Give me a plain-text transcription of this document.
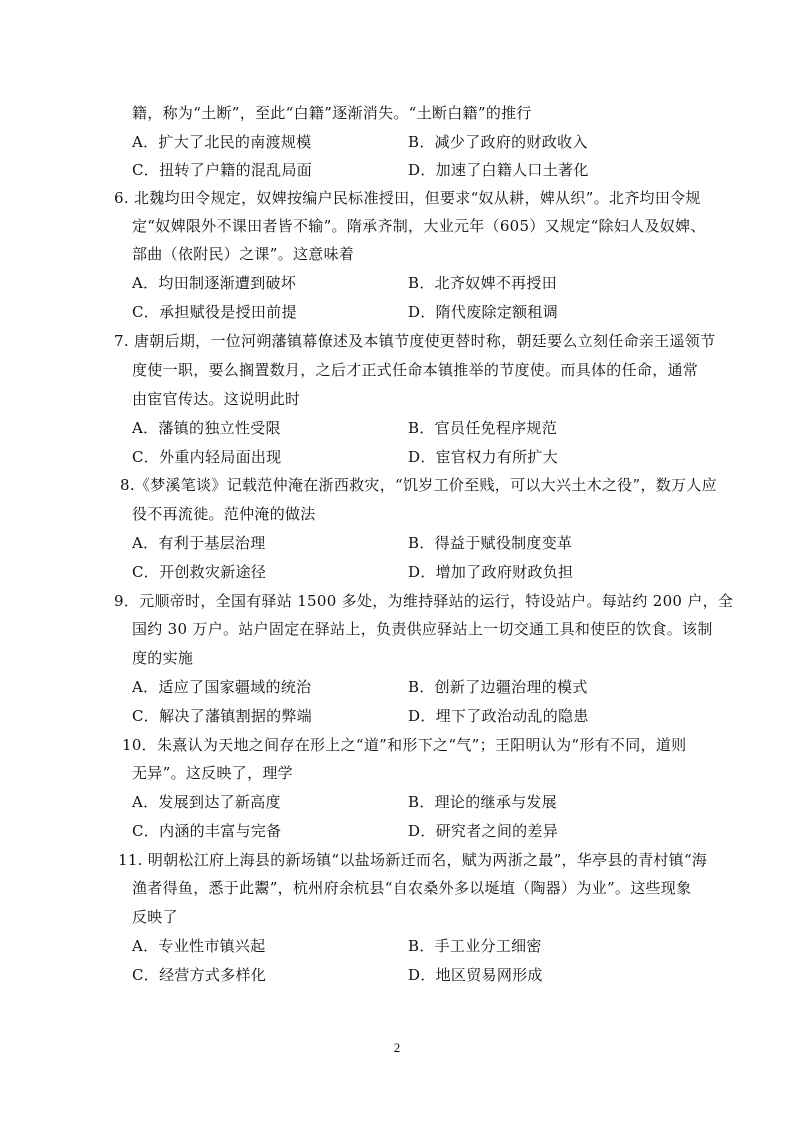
籍，称为“土断”，至此“白籍”逐渐消失。“土断白籍”的推行
A．扩大了北民的南渡规模	B．减少了政府的财政收入
C．扭转了户籍的混乱局面	D．加速了白籍人口土著化
6. 北魏均田令规定，奴婢按编户民标准授田，但要求“奴从耕，婢从织”。北齐均田令规
定“奴婢限外不课田者皆不输”。隋承齐制，大业元年（605）又规定“除妇人及奴婢、
部曲（依附民）之课”。这意味着
A．均田制逐渐遭到破坏	B．北齐奴婢不再授田
C．承担赋役是授田前提	D．隋代废除定额租调
7. 唐朝后期，一位河朔藩镇幕僚述及本镇节度使更替时称，朝廷要么立刻任命亲王遥领节
度使一职，要么搁置数月，之后才正式任命本镇推举的节度使。而具体的任命，通常
由宦官传达。这说明此时
A．藩镇的独立性受限	B．官员任免程序规范
C．外重内轻局面出现	D．宦官权力有所扩大
8.《梦溪笔谈》记载范仲淹在浙西救灾，“饥岁工价至贱，可以大兴土木之役”，数万人应
役不再流徙。范仲淹的做法
A．有利于基层治理	B．得益于赋役制度变革
C．开创救灾新途径	D．增加了政府财政负担
9．元顺帝时，全国有驿站 1500 多处，为维持驿站的运行，特设站户。每站约 200 户，全
国约 30 万户。站户固定在驿站上，负责供应驿站上一切交通工具和使臣的饮食。该制
度的实施
A．适应了国家疆域的统治	B．创新了边疆治理的模式
C．解决了藩镇割据的弊端	D．埋下了政治动乱的隐患
10．朱熹认为天地之间存在形上之“道”和形下之“气”；王阳明认为“形有不同，道则
无异”。这反映了，理学
A．发展到达了新高度	B．理论的继承与发展
C．内涵的丰富与完备	D．研究者之间的差异
11. 明朝松江府上海县的新场镇“以盐场新迁而名，赋为两浙之最”，华亭县的青村镇“海
渔者得鱼，悉于此鬻”，杭州府余杭县“自农桑外多以埏埴（陶器）为业”。这些现象
反映了
A．专业性市镇兴起	B．手工业分工细密
C．经营方式多样化	D．地区贸易网形成
2
